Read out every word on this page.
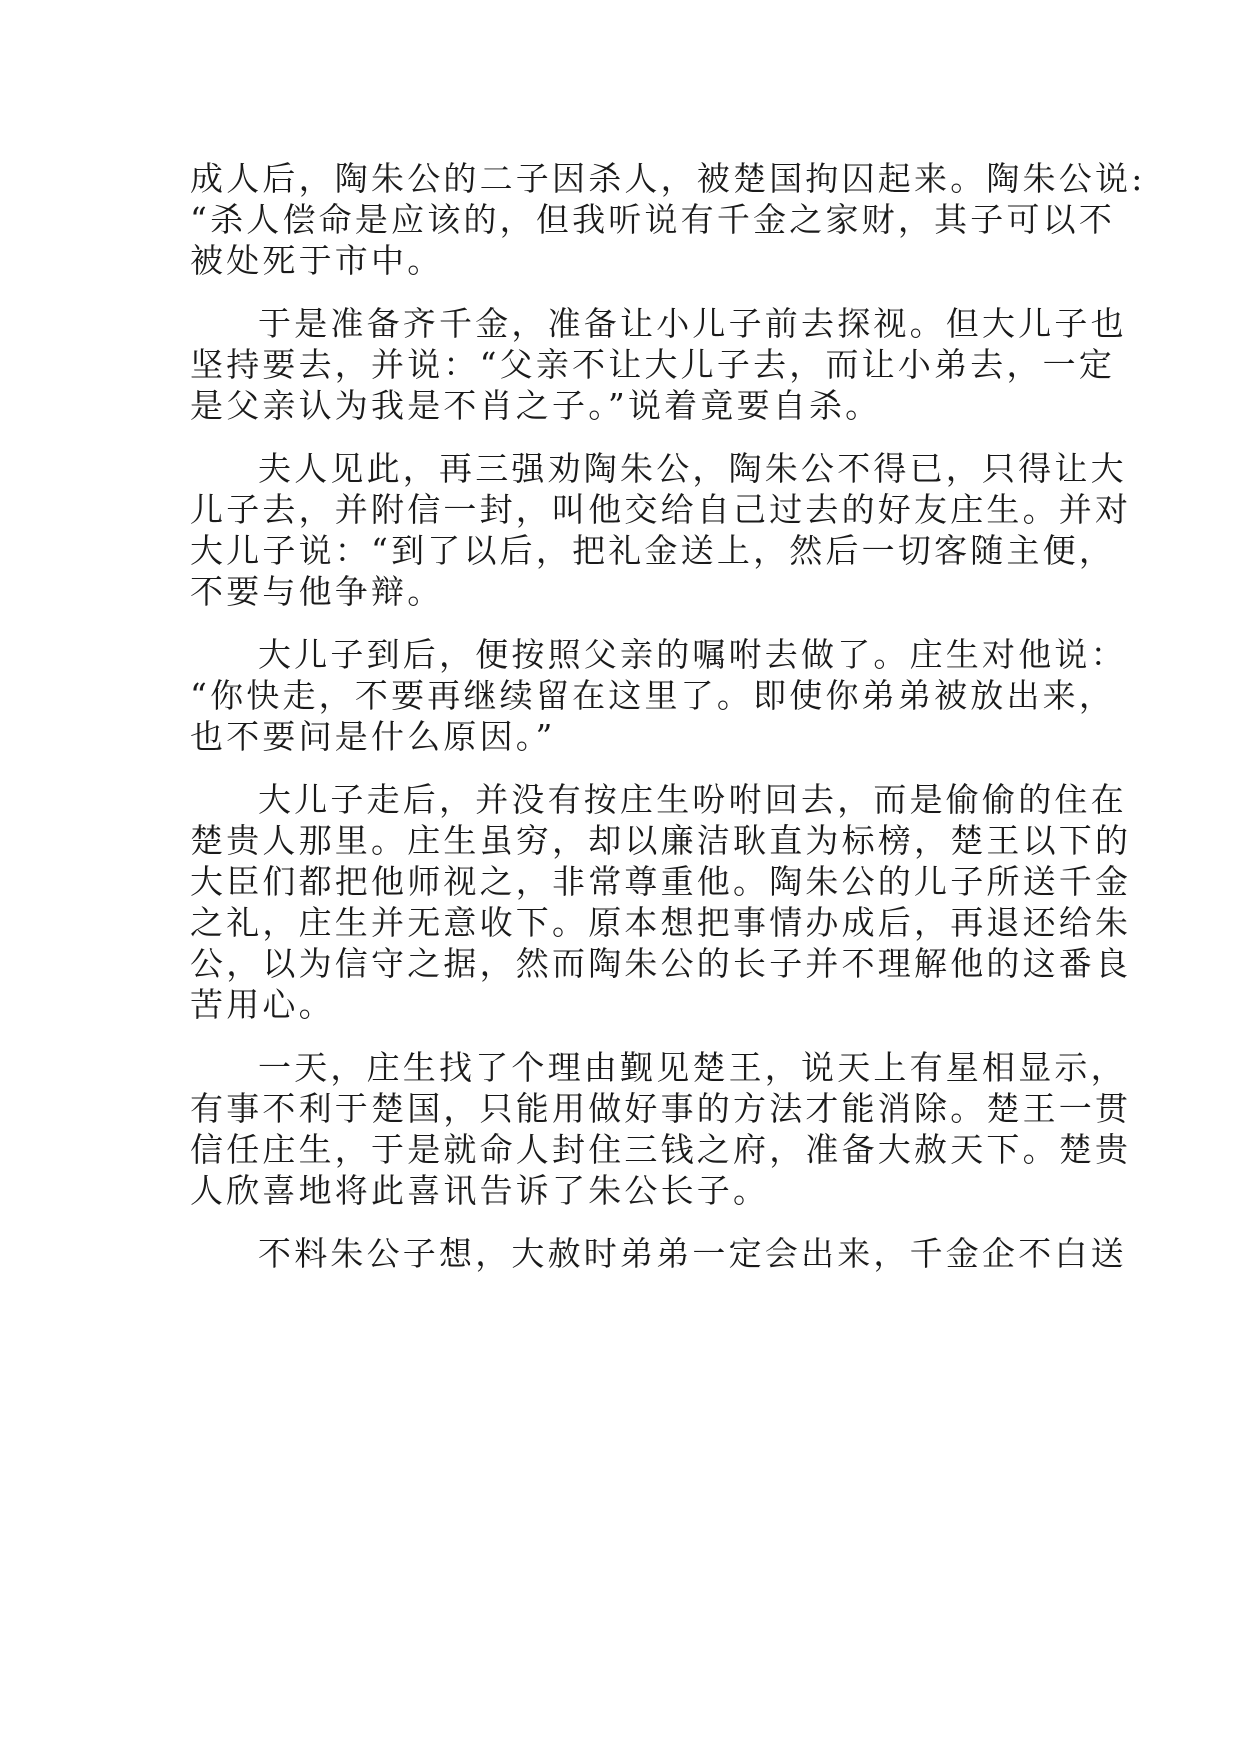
成人后，陶朱公的二子因杀人，被楚国拘囚起来。陶朱公说:
“杀人偿命是应该的，但我听说有千金之家财，其子可以不
被处死于市中。
于是准备齐千金，准备让小儿子前去探视。但大儿子也
坚持要去，并说：“父亲不让大儿子去，而让小弟去，一定
是父亲认为我是不肖之子。”说着竟要自杀。
夫人见此，再三强劝陶朱公，陶朱公不得已，只得让大
儿子去，并附信一封，叫他交给自己过去的好友庄生。并对
大儿子说：“到了以后，把礼金送上，然后一切客随主便，
不要与他争辩。
大儿子到后，便按照父亲的嘱咐去做了。庄生对他说：
“你快走，不要再继续留在这里了。即使你弟弟被放出来，
也不要问是什么原因。”
大儿子走后，并没有按庄生吩咐回去，而是偷偷的住在
楚贵人那里。庄生虽穷，却以廉洁耿直为标榜，楚王以下的
大臣们都把他师视之，非常尊重他。陶朱公的儿子所送千金
之礼，庄生并无意收下。原本想把事情办成后，再退还给朱
公，以为信守之据，然而陶朱公的长子并不理解他的这番良
苦用心。
一天，庄生找了个理由觐见楚王，说天上有星相显示，
有事不利于楚国，只能用做好事的方法才能消除。楚王一贯
信任庄生，于是就命人封住三钱之府，准备大赦天下。楚贵
人欣喜地将此喜讯告诉了朱公长子。
不料朱公子想，大赦时弟弟一定会出来，千金企不白送
